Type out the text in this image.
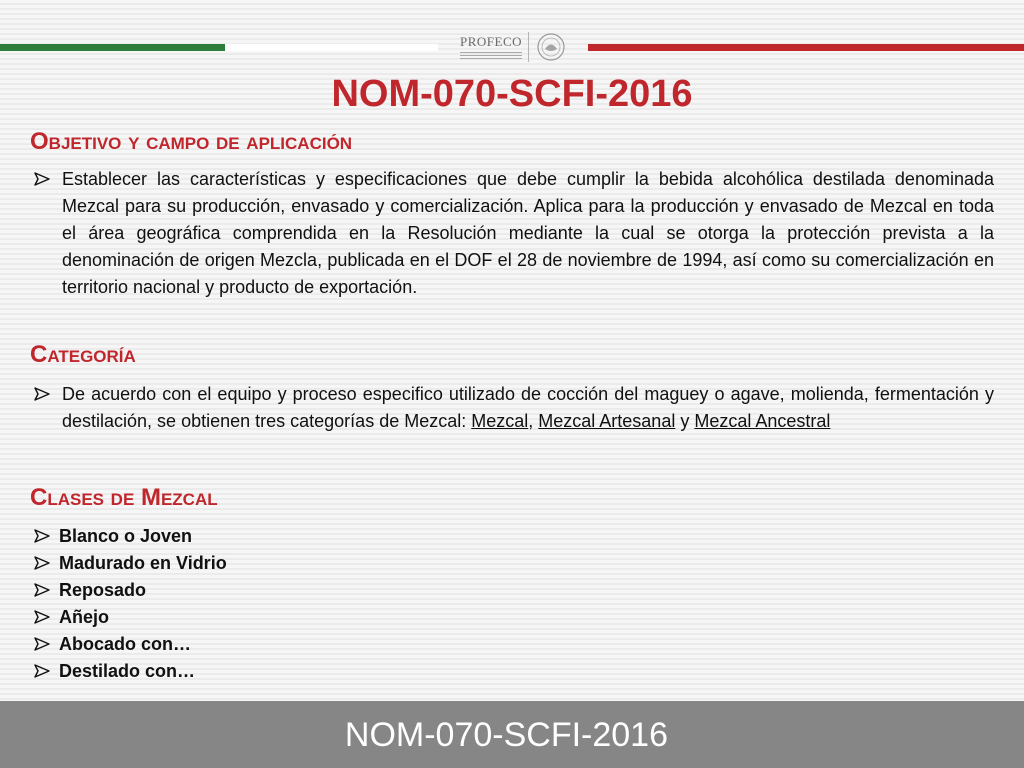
PROFECO
NOM-070-SCFI-2016
Objetivo y campo de aplicación
Establecer las características y especificaciones que debe cumplir la bebida alcohólica destilada denominada Mezcal para su producción, envasado y comercialización. Aplica para la producción y envasado de Mezcal en toda el área geográfica comprendida en la Resolución mediante la cual se otorga la protección prevista a la denominación de origen Mezcla, publicada en el DOF el 28 de noviembre de 1994, así como su comercialización en territorio nacional y producto de exportación.
Categoría
De acuerdo con el equipo y proceso especifico utilizado de cocción del maguey o agave, molienda, fermentación y destilación, se obtienen tres categorías de Mezcal: Mezcal, Mezcal Artesanal y Mezcal Ancestral
Clases de Mezcal
Blanco o Joven
Madurado en Vidrio
Reposado
Añejo
Abocado con…
Destilado con…
NOM-070-SCFI-2016
